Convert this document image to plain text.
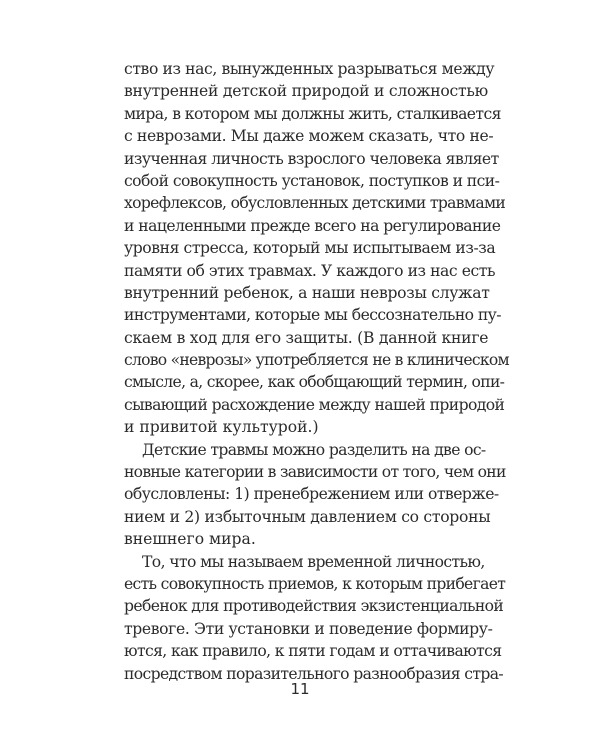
ство из нас, вынужденных разрываться между
внутренней детской природой и сложностью
мира, в котором мы должны жить, сталкивается
с неврозами. Мы даже можем сказать, что не-
изученная личность взрослого человека являет
собой совокупность установок, поступков и пси-
хорефлексов, обусловленных детскими травмами
и нацеленными прежде всего на регулирование
уровня стресса, который мы испытываем из-за
памяти об этих травмах. У каждого из нас есть
внутренний ребенок, а наши неврозы служат
инструментами, которые мы бессознательно пу-
скаем в ход для его защиты. (В данной книге
слово «неврозы» употребляется не в клиническом
смысле, а, скорее, как обобщающий термин, опи-
сывающий расхождение между нашей природой
и привитой культурой.)
Детские травмы можно разделить на две ос-
новные категории в зависимости от того, чем они
обусловлены: 1) пренебрежением или отверже-
нием и 2) избыточным давлением со стороны
внешнего мира.
То, что мы называем временной личностью,
есть совокупность приемов, к которым прибегает
ребенок для противодействия экзистенциальной
тревоге. Эти установки и поведение формиру-
ются, как правило, к пяти годам и оттачиваются
посредством поразительного разнообразия стра-
11
